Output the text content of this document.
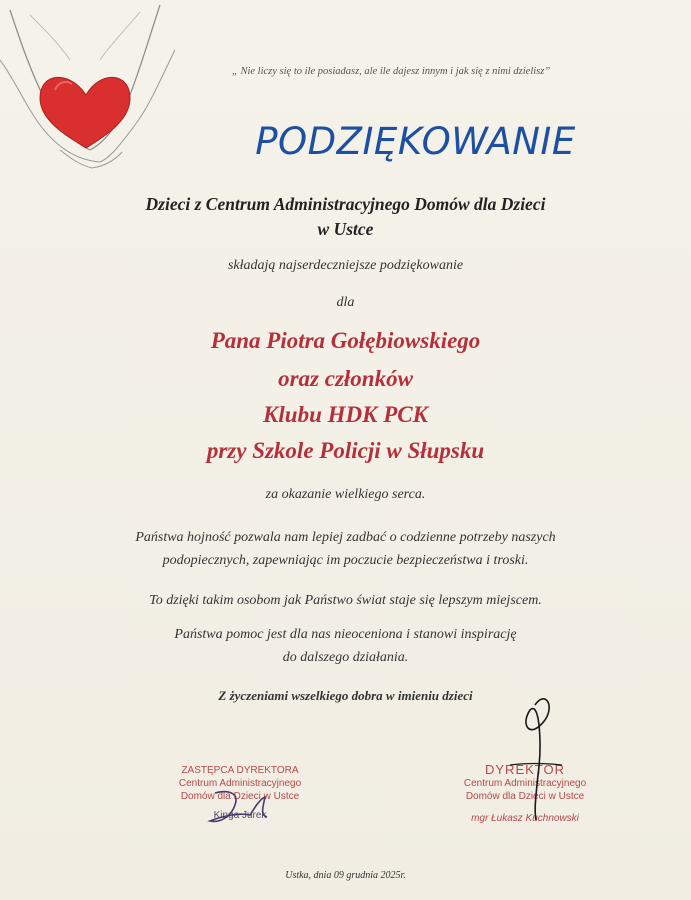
„ Nie liczy się to ile posiadasz, ale ile dajesz innym i jak się z nimi dzielisz”
PODZIĘKOWANIE
Dzieci z Centrum Administracyjnego Domów dla Dzieci
w Ustce
składają najserdeczniejsze podziękowanie
dla
Pana Piotra Gołębiowskiego
oraz członków
Klubu HDK PCK
przy Szkole Policji w Słupsku
za okazanie wielkiego serca.
Państwa hojność pozwala nam lepiej zadbać o codzienne potrzeby naszych
podopiecznych, zapewniając im poczucie bezpieczeństwa i troski.
To dzięki takim osobom jak Państwo świat staje się lepszym miejscem.
Państwa pomoc jest dla nas nieoceniona i stanowi inspirację
do dalszego działania.
Z życzeniami wszelkiego dobra w imieniu dzieci
ZASTĘPCA DYREKTORA
Centrum Administracyjnego
Domów dla Dzieci w Ustce
Kinga Jurek
DYREKTOR
Centrum Administracyjnego
Domów dla Dzieci w Ustce
mgr Łukasz Kuchnowski
Ustka, dnia 09 grudnia 2025r.
